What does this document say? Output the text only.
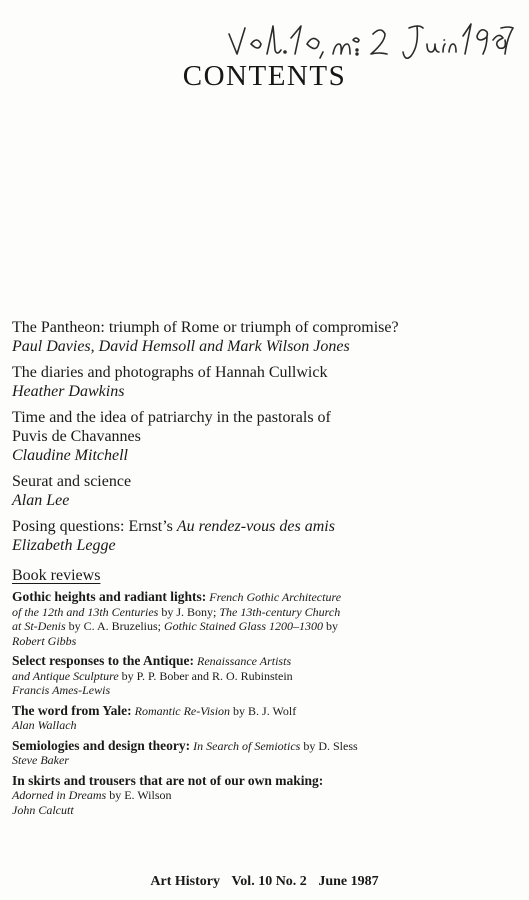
CONTENTS
The Pantheon: triumph of Rome or triumph of compromise?
Paul Davies, David Hemsoll and Mark Wilson Jones
The diaries and photographs of Hannah Cullwick
Heather Dawkins
Time and the idea of patriarchy in the pastorals of
Puvis de Chavannes
Claudine Mitchell
Seurat and science
Alan Lee
Posing questions: Ernst’s Au rendez-vous des amis
Elizabeth Legge
Book reviews
Gothic heights and radiant lights: French Gothic Architecture
of the 12th and 13th Centuries by J. Bony; The 13th-century Church
at St-Denis by C. A. Bruzelius; Gothic Stained Glass 1200–1300 by
Robert Gibbs
Select responses to the Antique: Renaissance Artists
and Antique Sculpture by P. P. Bober and R. O. Rubinstein
Francis Ames-Lewis
The word from Yale: Romantic Re-Vision by B. J. Wolf
Alan Wallach
Semiologies and design theory: In Search of Semiotics by D. Sless
Steve Baker
In skirts and trousers that are not of our own making:
Adorned in Dreams by E. Wilson
John Calcutt
Art History Vol. 10 No. 2 June 1987
